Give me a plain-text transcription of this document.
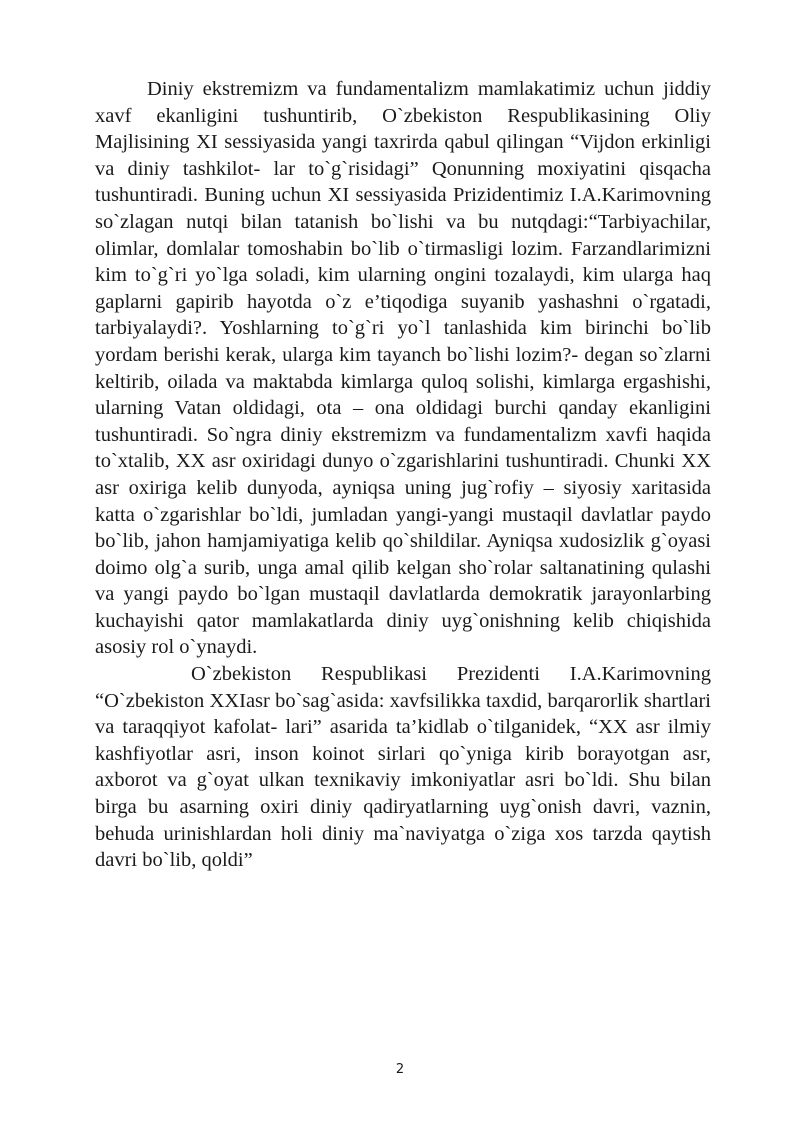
Diniy ekstremizm va fundamentalizm mamlakatimiz uchun jiddiy xavf ekanligini tushuntirib, O`zbekiston Respublikasining Oliy Majlisining XI sessiyasida yangi taxrirda qabul qilingan “Vijdon erkinligi va diniy tashkilot- lar to`g`risidagi” Qonunning moxiyatini qisqacha tushuntiradi. Buning uchun XI sessiyasida Prizidentimiz I.A.Karimovning so`zlagan nutqi bilan tatanish bo`lishi va bu nutqdagi:“Tarbiyachilar, olimlar, domlalar tomoshabin bo`lib o`tirmasligi lozim. Farzandlarimizni kim to`g`ri yo`lga soladi, kim ularning ongini tozalaydi, kim ularga haq gaplarni gapirib hayotda o`z e’tiqodiga suyanib yashashni o`rgatadi, tarbiyalaydi?. Yoshlarning to`g`ri yo`l tanlashida kim birinchi bo`lib yordam berishi kerak, ularga kim tayanch bo`lishi lozim?- degan so`zlarni keltirib, oilada va maktabda kimlarga quloq solishi, kimlarga ergashishi, ularning Vatan oldidagi, ota – ona oldidagi burchi qanday ekanligini tushuntiradi. So`ngra diniy ekstremizm va fundamentalizm xavfi haqida to`xtalib, XX asr oxiridagi dunyo o`zgarishlarini tushuntiradi. Chunki XX asr oxiriga kelib dunyoda, ayniqsa uning jug`rofiy – siyosiy xaritasida katta o`zgarishlar bo`ldi, jumladan yangi-yangi mustaqil davlatlar paydo bo`lib, jahon hamjamiyatiga kelib qo`shildilar. Ayniqsa xudosizlik g`oyasi doimo olg`a surib, unga amal qilib kelgan sho`rolar saltanatining qulashi va yangi paydo bo`lgan mustaqil davlatlarda demokratik jarayonlarbing kuchayishi qator mamlakatlarda diniy uyg`onishning kelib chiqishida asosiy rol o`ynaydi.

O`zbekiston Respublikasi Prezidenti I.A.Karimovning “O`zbekiston XXIasr bo`sag`asida: xavfsilikka taxdid, barqarorlik shartlari va taraqqiyot kafolat- lari” asarida ta’kidlab o`tilganidek, “XX asr ilmiy kashfiyotlar asri, inson koinot sirlari qo`yniga kirib borayotgan asr, axborot va g`oyat ulkan texnikaviy imkoniyatlar asri bo`ldi. Shu bilan birga bu asarning oxiri diniy qadiryatlarning uyg`onish davri, vaznin, behuda urinishlardan holi diniy ma`naviyatga o`ziga xos tarzda qaytish davri bo`lib, qoldi”

2
